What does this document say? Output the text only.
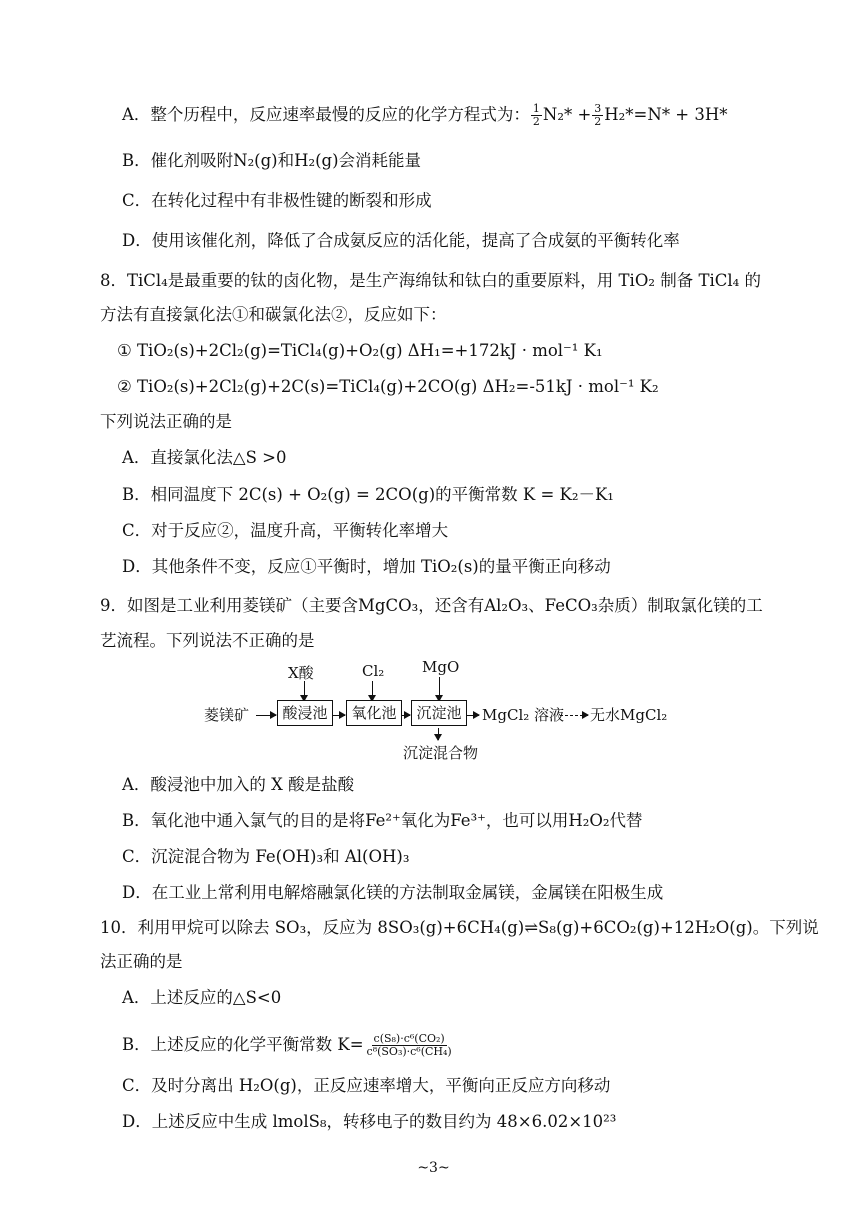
A．整个历程中，反应速率最慢的反应的化学方程式为： $\frac{1}{2} N_2* + \frac{3}{2} H_2*=N* + 3H*$
B．催化剂吸附N₂(g)和H₂(g)会消耗能量
C．在转化过程中有非极性键的断裂和形成
D．使用该催化剂，降低了合成氨反应的活化能，提高了合成氨的平衡转化率
8．TiCl₄是最重要的钛的卤化物，是生产海绵钛和钛白的重要原料，用 TiO₂ 制备 TiCl₄ 的
方法有直接氯化法①和碳氯化法②，反应如下：
① TiO₂(s)+2Cl₂(g)=TiCl₄(g)+O₂(g) ΔH₁=+172kJ · mol⁻¹ K₁
② TiO₂(s)+2Cl₂(g)+2C(s)=TiCl₄(g)+2CO(g) ΔH₂=-51kJ · mol⁻¹ K₂
下列说法正确的是
A．直接氯化法△S >0
B．相同温度下 2C(s) + O₂(g) = 2CO(g)的平衡常数 K = K₂－K₁
C．对于反应②，温度升高，平衡转化率增大
D．其他条件不变，反应①平衡时，增加 TiO₂(s)的量平衡正向移动
9．如图是工业利用菱镁矿（主要含MgCO₃，还含有Al₂O₃、FeCO₃杂质）制取氯化镁的工
艺流程。下列说法不正确的是
X酸	Cl₂	MgO
菱镁矿	酸浸池	氧化池	沉淀池	MgCl₂ 溶液 无水MgCl₂
沉淀混合物
A．酸浸池中加入的 X 酸是盐酸
B．氧化池中通入氯气的目的是将Fe²⁺氧化为Fe³⁺，也可以用H₂O₂代替
C．沉淀混合物为 Fe(OH)₃和 Al(OH)₃
D．在工业上常利用电解熔融氯化镁的方法制取金属镁，金属镁在阳极生成
10．利用甲烷可以除去 SO₃，反应为 8SO₃(g)+6CH₄(g)⇌S₈(g)+6CO₂(g)+12H₂O(g)。下列说
法正确的是
A．上述反应的△S<0
B．上述反应的化学平衡常数 $K= \frac{\text{c(S₈)·c⁶(CO₂)}}{\text{c⁸(SO₃)·c⁶(CH₄)}}$
C．及时分离出 H₂O(g)，正反应速率增大，平衡向正反应方向移动
D．上述反应中生成 lmolS₈，转移电子的数目约为 48×6.02×10²³
~3~
